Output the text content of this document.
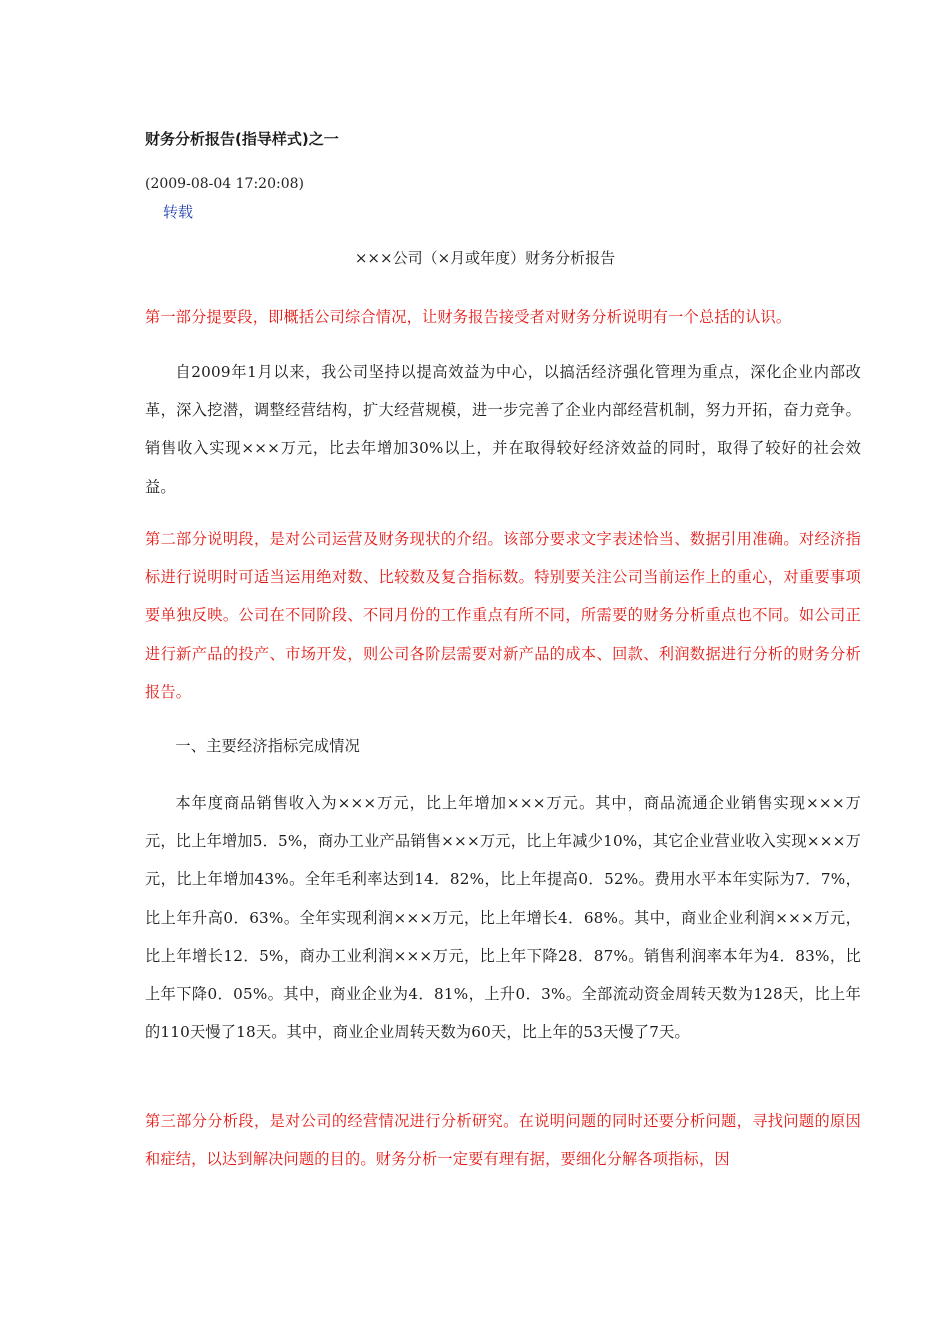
财务分析报告(指导样式)之一
(2009-08-04 17:20:08)
转载
×××公司（×月或年度）财务分析报告
第一部分提要段，即概括公司综合情况，让财务报告接受者对财务分析说明有一个总括的认识。
自2009年1月以来，我公司坚持以提高效益为中心，以搞活经济强化管理为重点，深化企业内部改革，深入挖潜，调整经营结构，扩大经营规模，进一步完善了企业内部经营机制，努力开拓，奋力竞争。销售收入实现×××万元，比去年增加30%以上，并在取得较好经济效益的同时，取得了较好的社会效益。
第二部分说明段，是对公司运营及财务现状的介绍。该部分要求文字表述恰当、数据引用准确。对经济指标进行说明时可适当运用绝对数、比较数及复合指标数。特别要关注公司当前运作上的重心，对重要事项要单独反映。公司在不同阶段、不同月份的工作重点有所不同，所需要的财务分析重点也不同。如公司正进行新产品的投产、市场开发，则公司各阶层需要对新产品的成本、回款、利润数据进行分析的财务分析报告。
一、主要经济指标完成情况
本年度商品销售收入为×××万元，比上年增加×××万元。其中，商品流通企业销售实现×××万元，比上年增加5．5%，商办工业产品销售×××万元，比上年减少10%，其它企业营业收入实现×××万元，比上年增加43%。全年毛利率达到14．82%，比上年提高0．52%。费用水平本年实际为7．7%，比上年升高0．63%。全年实现利润×××万元，比上年增长4．68%。其中，商业企业利润×××万元，比上年增长12．5%，商办工业利润×××万元，比上年下降28．87%。销售利润率本年为4．83%，比上年下降0．05%。其中，商业企业为4．81%，上升0．3%。全部流动资金周转天数为128天，比上年的110天慢了18天。其中，商业企业周转天数为60天，比上年的53天慢了7天。
第三部分分析段，是对公司的经营情况进行分析研究。在说明问题的同时还要分析问题，寻找问题的原因和症结，以达到解决问题的目的。财务分析一定要有理有据，要细化分解各项指标，因
